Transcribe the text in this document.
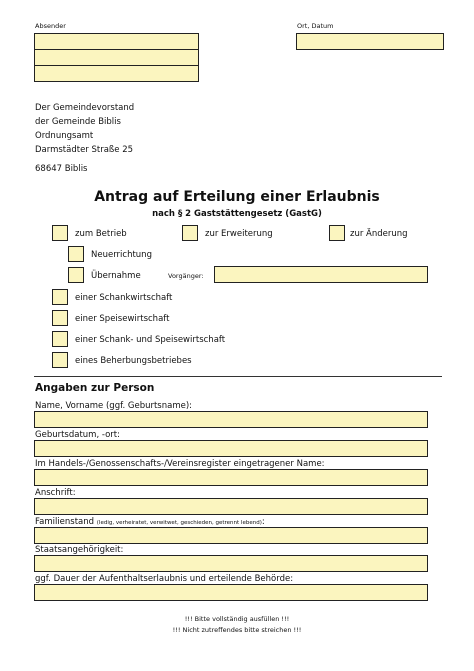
Absender	Ort, Datum
Der Gemeindevorstand
der Gemeinde Biblis
Ordnungsamt
Darmstädter Straße 25
68647 Biblis
Antrag auf Erteilung einer Erlaubnis
nach § 2 Gaststättengesetz (GastG)
zum Betrieb	zur Erweiterung	zur Änderung
Neuerrichtung
Übernahme	Vorgänger:
einer Schankwirtschaft
einer Speisewirtschaft
einer Schank- und Speisewirtschaft
eines Beherbungsbetriebes
Angaben zur Person
Name, Vorname (ggf. Geburtsname):
Geburtsdatum, -ort:
Im Handels-/Genossenschafts-/Vereinsregister eingetragener Name:
Anschrift:
Familienstand (ledig, verheiratet, verwitwet, geschieden, getrennt lebend):
Staatsangehörigkeit:
ggf. Dauer der Aufenthaltserlaubnis und erteilende Behörde:
!!! Bitte vollständig ausfüllen !!!
!!! Nicht zutreffendes bitte streichen !!!
